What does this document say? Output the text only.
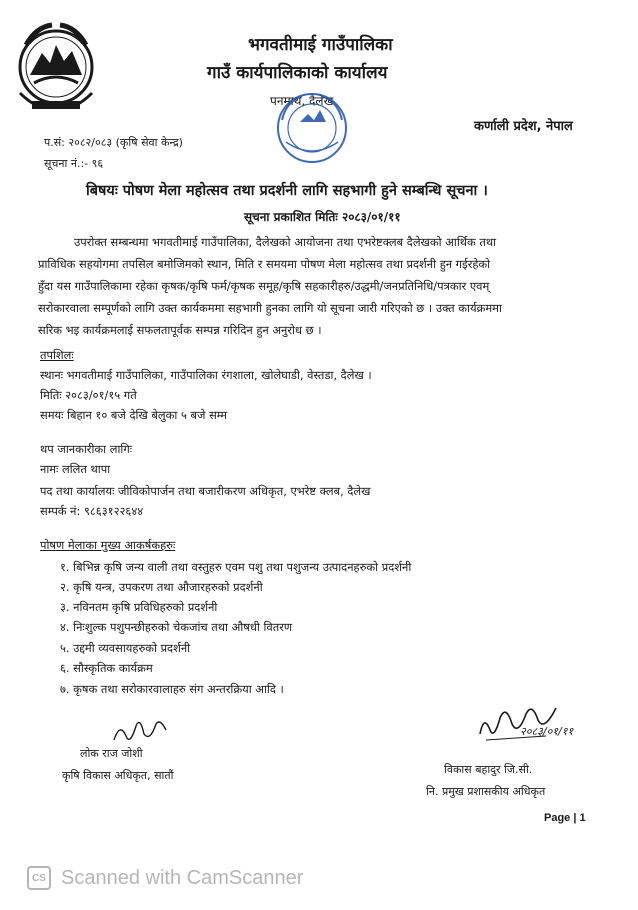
भगवतीमाई गाउँपालिका
गाउँ कार्यपालिकाको कार्यालय
पनमाथ, दैलेख
कर्णाली प्रदेश, नेपाल
प.सं: २०८२/०८३ (कृषि सेवा केन्द्र)
सूचना नं.:- ९६
बिषयः पोषण मेला महोत्सव तथा प्रदर्शनी लागि सहभागी हुने सम्बन्धि सूचना ।
सूचना प्रकाशित मितिः २०८३/०१/११
उपरोक्त सम्बन्धमा भगवतीमाई गाउँपालिका, दैलेखको आयोजना तथा एभरेष्टक्लब दैलेखको आर्थिक तथा
प्राविधिक सहयोगमा तपसिल बमोजिमको स्थान, मिति र समयमा पोषण मेला महोत्सव तथा प्रदर्शनी हुन गईरहेको
हुँदा यस गाउँपालिकामा रहेका कृषक/कृषि फर्म/कृषक समूह/कृषि सहकारीहरु/उद्धमी/जनप्रतिनिधि/पत्रकार एवम्
सरोकारवाला सम्पूर्णको लागि उक्त कार्यकममा सहभागी हुनका लागि यो सूचना जारी गरिएको छ । उक्त कार्यक्रममा
सरिक भइ कार्यक्रमलाई सफलतापूर्वक सम्पन्न गरिदिन हुन अनुरोध छ ।
तपशिलः
स्थानः भगवतीमाई गाउँपालिका, गाउँपालिका रंगशाला, खोलेघाडी, वेस्तडा, दैलेख ।
मितिः २०८३/०१/१५ गते
समयः बिहान १० बजे देखि बेलुका ५ बजे सम्म
थप जानकारीका लागिः
नामः ललित थापा
पद तथा कार्यालयः जीविकोपार्जन तथा बजारीकरण अधिकृत, एभरेष्ट क्लब, दैलेख
सम्पर्क नं: ९८६३१२२६४४
पोषण मेलाका मुख्य आकर्षकहरुः
१. बिभिन्न कृषि जन्य वाली तथा वस्तुहरु एवम पशु तथा पशुजन्य उत्पादनहरुको प्रदर्शनी
२. कृषि यन्त्र, उपकरण तथा औजारहरुको प्रदर्शनी
३. नविनतम कृषि प्रविधिहरुको प्रदर्शनी
४. निःशुल्क पशुपन्छीहरुको चेकजांच तथा औषधी वितरण
५. उद्दमी व्यवसायहरुको प्रदर्शनी
६. सौस्कृतिक कार्यक्रम
७. कृषक तथा सरोकारवालाहरु संग अन्तरक्रिया आदि ।
लोक राज जोशी
कृषि विकास अधिकृत, सातौं
२०८३/०१/११
विकास बहादुर जि.सी.
नि. प्रमुख प्रशासकीय अधिकृत
Page | 1
CS Scanned with CamScanner
